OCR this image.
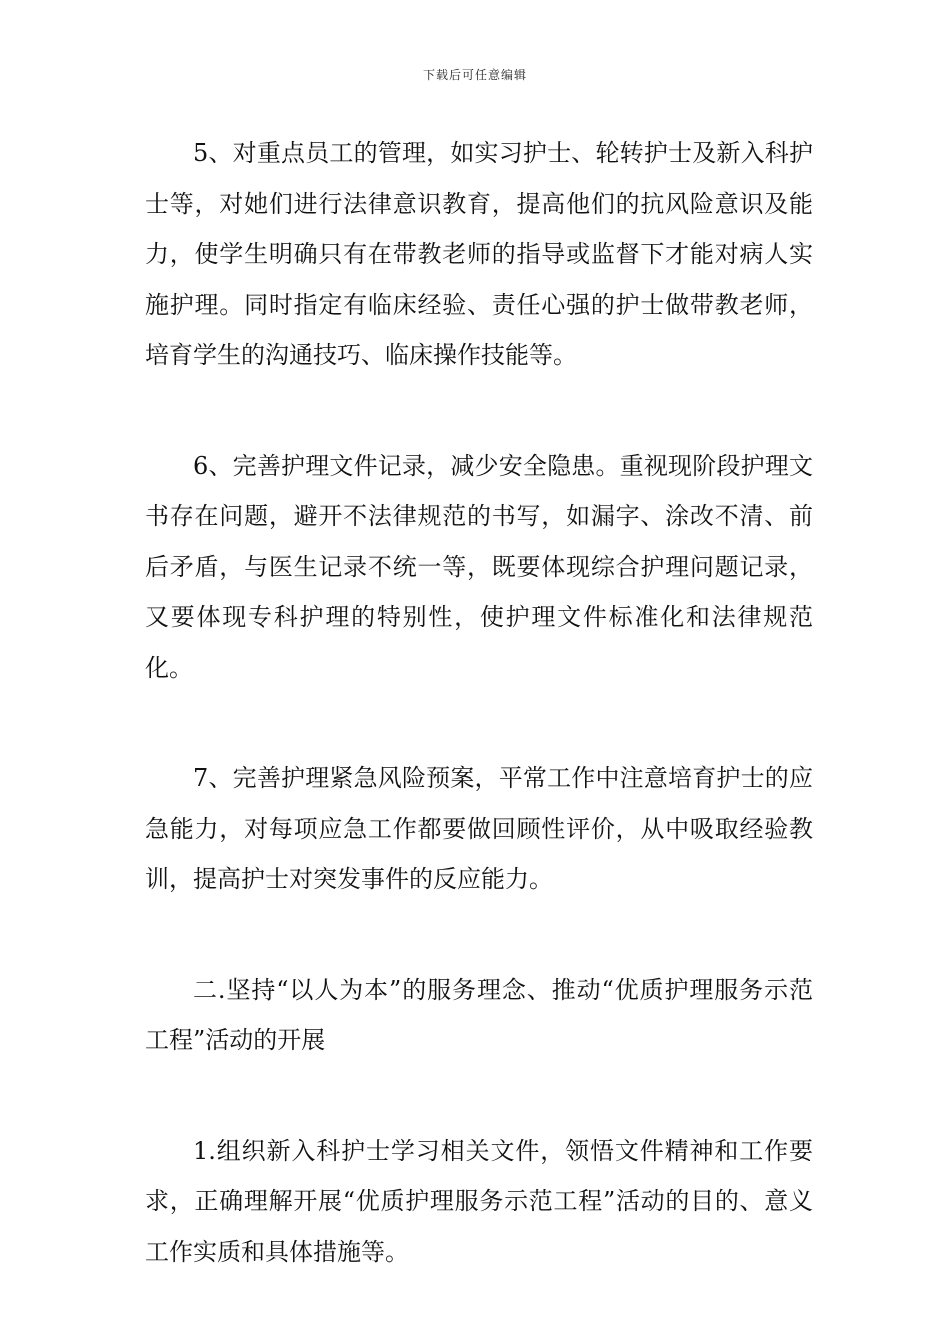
下载后可任意编辑

5、对重点员工的管理，如实习护士、轮转护士及新入科护士等，对她们进行法律意识教育，提高他们的抗风险意识及能力，使学生明确只有在带教老师的指导或监督下才能对病人实施护理。同时指定有临床经验、责任心强的护士做带教老师，培育学生的沟通技巧、临床操作技能等。

6、完善护理文件记录，减少安全隐患。重视现阶段护理文书存在问题，避开不法律规范的书写，如漏字、涂改不清、前后矛盾，与医生记录不统一等，既要体现综合护理问题记录，又要体现专科护理的特别性，使护理文件标准化和法律规范化。

7、完善护理紧急风险预案，平常工作中注意培育护士的应急能力，对每项应急工作都要做回顾性评价，从中吸取经验教训，提高护士对突发事件的反应能力。

二.坚持“以人为本”的服务理念、推动“优质护理服务示范工程”活动的开展

1.组织新入科护士学习相关文件，领悟文件精神和工作要求，正确理解开展“优质护理服务示范工程”活动的目的、意义工作实质和具体措施等。
